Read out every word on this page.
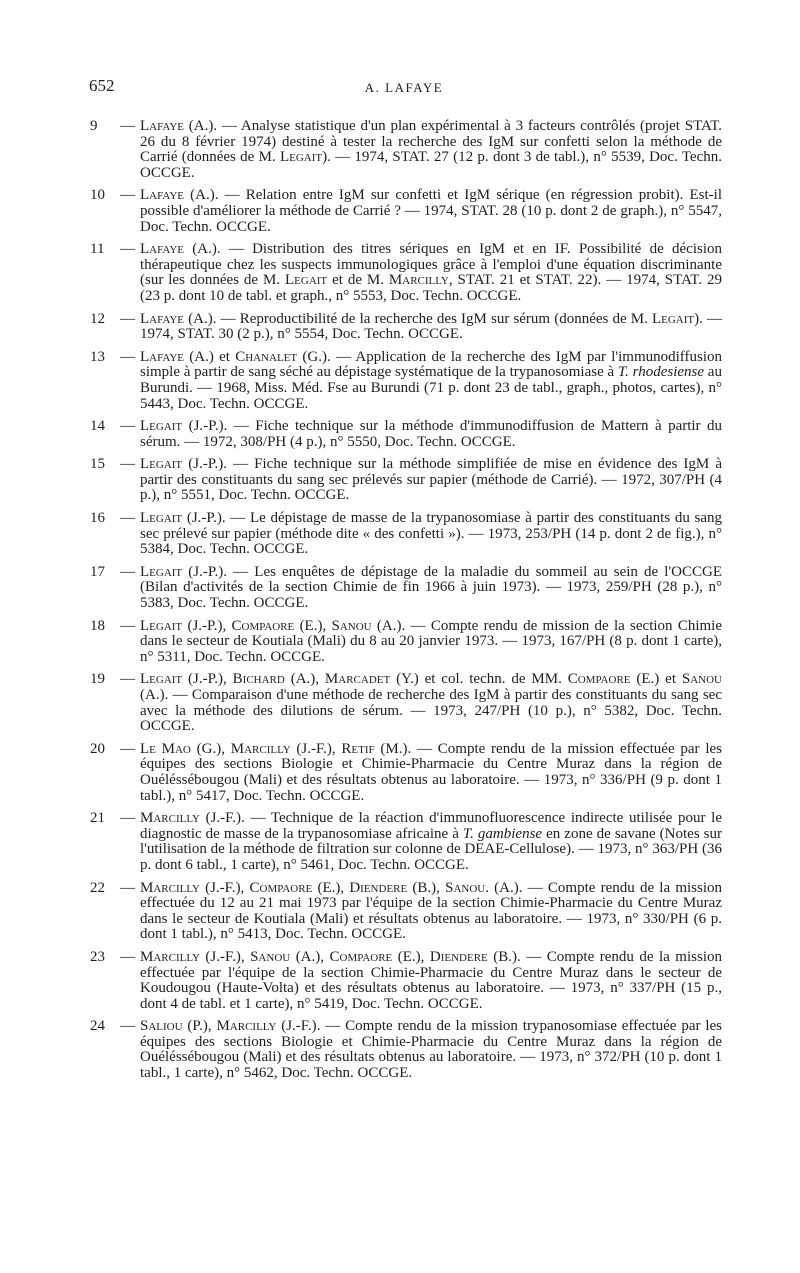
652	A. LAFAYE
9	— Lafaye (A.). — Analyse statistique d'un plan expérimental à 3 facteurs contrôlés (projet STAT. 26 du 8 février 1974) destiné à tester la recherche des IgM sur confetti selon la méthode de Carrié (données de M. Legait). — 1974, STAT. 27 (12 p. dont 3 de tabl.), n° 5539, Doc. Techn. OCCGE.
10	— Lafaye (A.). — Relation entre IgM sur confetti et IgM sérique (en régression probit). Est-il possible d'améliorer la méthode de Carrié ? — 1974, STAT. 28 (10 p. dont 2 de graph.), n° 5547, Doc. Techn. OCCGE.
11	— Lafaye (A.). — Distribution des titres sériques en IgM et en IF. Possibilité de décision thérapeutique chez les suspects immunologiques grâce à l'emploi d'une équation discriminante (sur les données de M. Legait et de M. Marcilly, STAT. 21 et STAT. 22). — 1974, STAT. 29 (23 p. dont 10 de tabl. et graph., n° 5553, Doc. Techn. OCCGE.
12	— Lafaye (A.). — Reproductibilité de la recherche des IgM sur sérum (données de M. Legait). — 1974, STAT. 30 (2 p.), n° 5554, Doc. Techn. OCCGE.
13	— Lafaye (A.) et Chanalet (G.). — Application de la recherche des IgM par l'immunodiffusion simple à partir de sang séché au dépistage systématique de la trypanosomiase à T. rhodesiense au Burundi. — 1968, Miss. Méd. Fse au Burundi (71 p. dont 23 de tabl., graph., photos, cartes), n° 5443, Doc. Techn. OCCGE.
14	— Legait (J.-P.). — Fiche technique sur la méthode d'immunodiffusion de Mattern à partir du sérum. — 1972, 308/PH (4 p.), n° 5550, Doc. Techn. OCCGE.
15	— Legait (J.-P.). — Fiche technique sur la méthode simplifiée de mise en évidence des IgM à partir des constituants du sang sec prélevés sur papier (méthode de Carrié). — 1972, 307/PH (4 p.), n° 5551, Doc. Techn. OCCGE.
16	— Legait (J.-P.). — Le dépistage de masse de la trypanosomiase à partir des constituants du sang sec prélevé sur papier (méthode dite « des confetti »). — 1973, 253/PH (14 p. dont 2 de fig.), n° 5384, Doc. Techn. OCCGE.
17	— Legait (J.-P.). — Les enquêtes de dépistage de la maladie du sommeil au sein de l'OCCGE (Bilan d'activités de la section Chimie de fin 1966 à juin 1973). — 1973, 259/PH (28 p.), n° 5383, Doc. Techn. OCCGE.
18	— Legait (J.-P.), Compaore (E.), Sanou (A.). — Compte rendu de mission de la section Chimie dans le secteur de Koutiala (Mali) du 8 au 20 janvier 1973. — 1973, 167/PH (8 p. dont 1 carte), n° 5311, Doc. Techn. OCCGE.
19	— Legait (J.-P.), Bichard (A.), Marcadet (Y.) et col. techn. de MM. Compaore (E.) et Sanou (A.). — Comparaison d'une méthode de recherche des IgM à partir des constituants du sang sec avec la méthode des dilutions de sérum. — 1973, 247/PH (10 p.), n° 5382, Doc. Techn. OCCGE.
20	— Le Mao (G.), Marcilly (J.-F.), Retif (M.). — Compte rendu de la mission effectuée par les équipes des sections Biologie et Chimie-Pharmacie du Centre Muraz dans la région de Ouéléssébougou (Mali) et des résultats obtenus au laboratoire. — 1973, n° 336/PH (9 p. dont 1 tabl.), n° 5417, Doc. Techn. OCCGE.
21	— Marcilly (J.-F.). — Technique de la réaction d'immunofluorescence indirecte utilisée pour le diagnostic de masse de la trypanosomiase africaine à T. gambiense en zone de savane (Notes sur l'utilisation de la méthode de filtration sur colonne de DEAE-Cellulose). — 1973, n° 363/PH (36 p. dont 6 tabl., 1 carte), n° 5461, Doc. Techn. OCCGE.
22	— Marcilly (J.-F.), Compaore (E.), Diendere (B.), Sanou. (A.). — Compte rendu de la mission effectuée du 12 au 21 mai 1973 par l'équipe de la section Chimie-Pharmacie du Centre Muraz dans le secteur de Koutiala (Mali) et résultats obtenus au laboratoire. — 1973, n° 330/PH (6 p. dont 1 tabl.), n° 5413, Doc. Techn. OCCGE.
23	— Marcilly (J.-F.), Sanou (A.), Compaore (E.), Diendere (B.). — Compte rendu de la mission effectuée par l'équipe de la section Chimie-Pharmacie du Centre Muraz dans le secteur de Koudougou (Haute-Volta) et des résultats obtenus au laboratoire. — 1973, n° 337/PH (15 p., dont 4 de tabl. et 1 carte), n° 5419, Doc. Techn. OCCGE.
24	— Saliou (P.), Marcilly (J.-F.). — Compte rendu de la mission trypanosomiase effectuée par les équipes des sections Biologie et Chimie-Pharmacie du Centre Muraz dans la région de Ouéléssébougou (Mali) et des résultats obtenus au laboratoire. — 1973, n° 372/PH (10 p. dont 1 tabl., 1 carte), n° 5462, Doc. Techn. OCCGE.
